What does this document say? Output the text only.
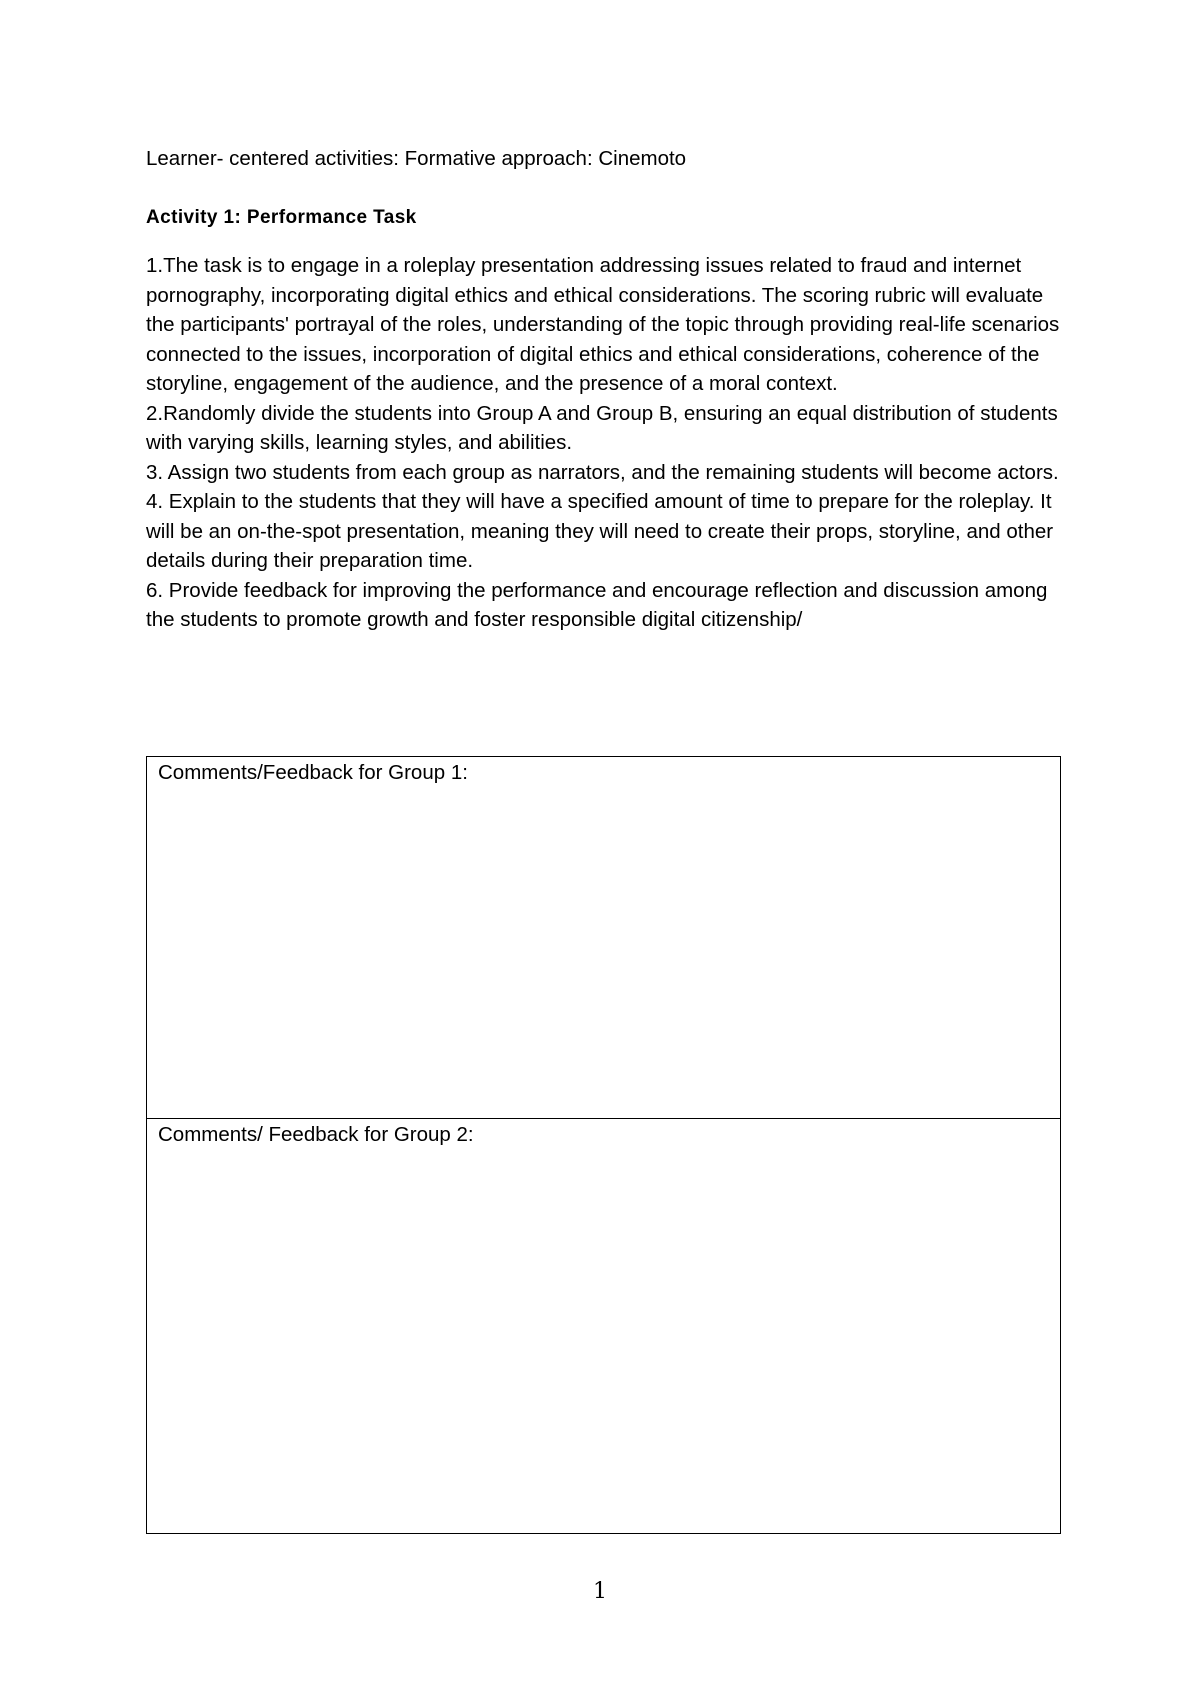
Learner- centered activities: Formative approach: Cinemoto
Activity 1: Performance Task
1.The task is to engage in a roleplay presentation addressing issues related to fraud and internet pornography, incorporating digital ethics and ethical considerations. The scoring rubric will evaluate the participants' portrayal of the roles, understanding of the topic through providing real-life scenarios connected to the issues, incorporation of digital ethics and ethical considerations, coherence of the storyline, engagement of the audience, and the presence of a moral context.
2.Randomly divide the students into Group A and Group B, ensuring an equal distribution of students with varying skills, learning styles, and abilities.
3. Assign two students from each group as narrators, and the remaining students will become actors.
4. Explain to the students that they will have a specified amount of time to prepare for the roleplay. It will be an on-the-spot presentation, meaning they will need to create their props, storyline, and other details during their preparation time.
6. Provide feedback for improving the performance and encourage reflection and discussion among the students to promote growth and foster responsible digital citizenship/
Comments/Feedback for Group 1:
Comments/ Feedback for Group 2:
1
